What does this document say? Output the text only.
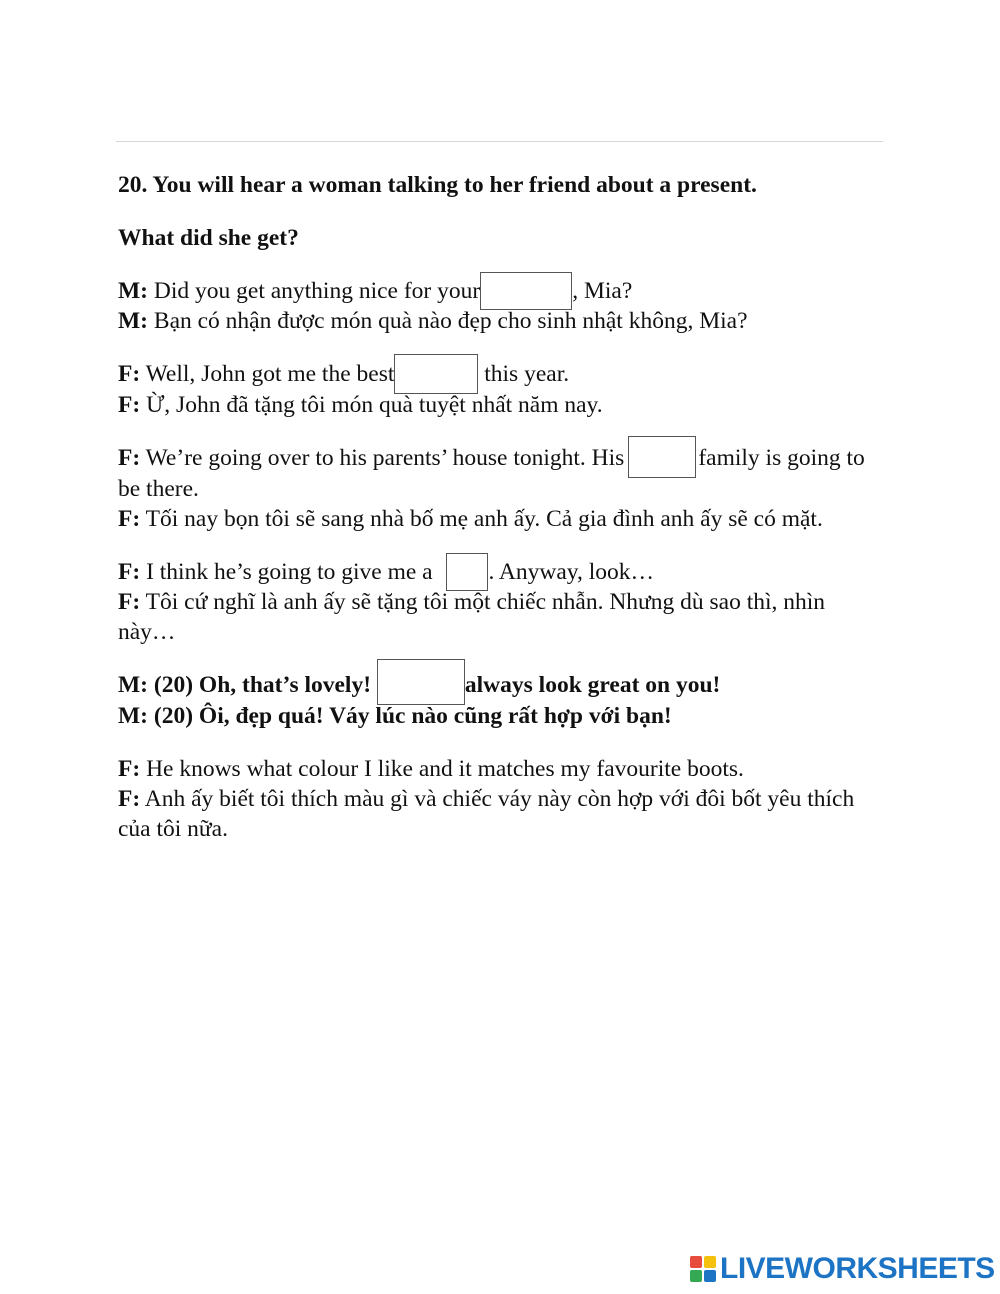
20. You will hear a woman talking to her friend about a present.
What did she get?
M: Did you get anything nice for your	, Mia?
M: Bạn có nhận được món quà nào đẹp cho sinh nhật không, Mia?
F: Well, John got me the best	this year.
F: Ừ, John đã tặng tôi món quà tuyệt nhất năm nay.
F: We’re going over to his parents’ house tonight. His	family is going to be there.
F: Tối nay bọn tôi sẽ sang nhà bố mẹ anh ấy. Cả gia đình anh ấy sẽ có mặt.
F: I think he’s going to give me a . Anyway, look…
F: Tôi cứ nghĩ là anh ấy sẽ tặng tôi một chiếc nhẫn. Nhưng dù sao thì, nhìn này…
M: (20) Oh, that’s lovely!	always look great on you!
M: (20) Ôi, đẹp quá! Váy lúc nào cũng rất hợp với bạn!
F: He knows what colour I like and it matches my favourite boots.
F: Anh ấy biết tôi thích màu gì và chiếc váy này còn hợp với đôi bốt yêu thích của tôi nữa.
LIVEWORKSHEETS
